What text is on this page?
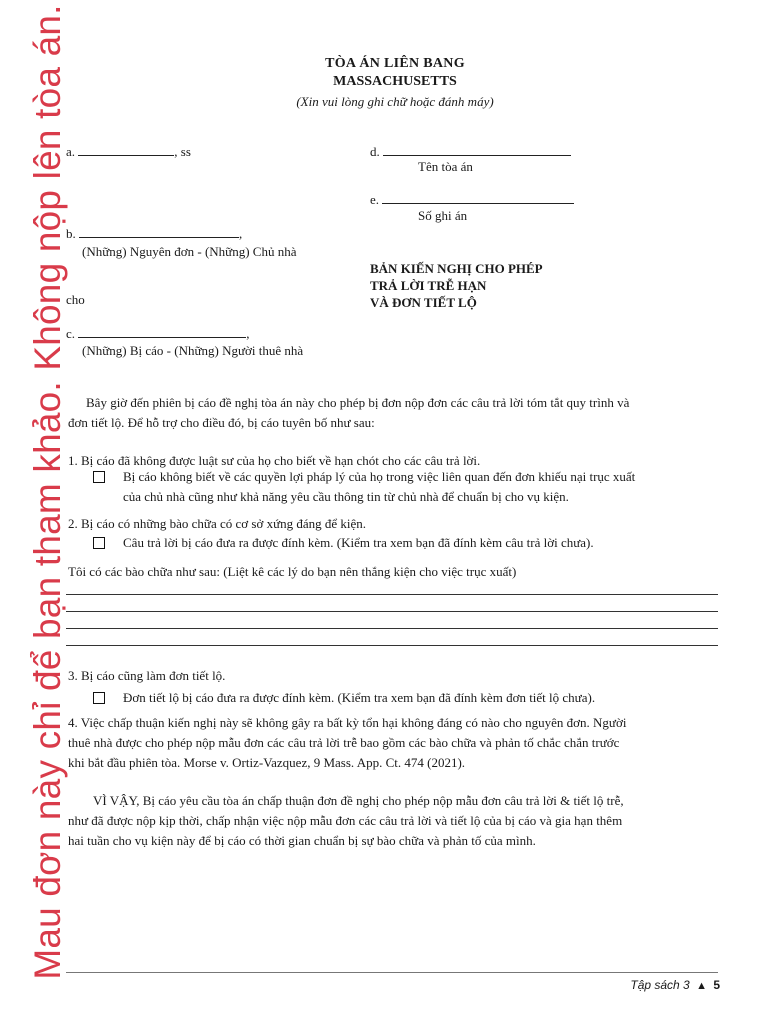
Mau đơn này chỉ để bạn tham khảo. Không nộp lên tòa án.	TÒA ÁN LIÊN BANG
MASSACHUSETTS
(Xin vui lòng ghi chữ hoặc đánh máy)
a.	, ss
b.	,
(Những) Nguyên đơn - (Những) Chủ nhà
cho
c.	,
(Những) Bị cáo - (Những) Người thuê nhà
d.
Tên tòa án
e.
Số ghi án
BẢN KIẾN NGHỊ CHO PHÉP
TRẢ LỜI TRỄ HẠN
VÀ ĐƠN TIẾT LỘ
Bây giờ đến phiên bị cáo đề nghị tòa án này cho phép bị đơn nộp đơn các câu trả lời tóm tắt quy trình và
đơn tiết lộ. Để hỗ trợ cho điều đó, bị cáo tuyên bố như sau:
1. Bị cáo đã không được luật sư của họ cho biết về hạn chót cho các câu trả lời.
Bị cáo không biết về các quyền lợi pháp lý của họ trong việc liên quan đến đơn khiếu nại trục xuất
của chủ nhà cũng như khả năng yêu cầu thông tin từ chủ nhà để chuẩn bị cho vụ kiện.
2. Bị cáo có những bào chữa có cơ sở xứng đáng để kiện.
Câu trả lời bị cáo đưa ra được đính kèm. (Kiểm tra xem bạn đã đính kèm câu trả lời chưa).
Tôi có các bào chữa như sau: (Liệt kê các lý do bạn nên thắng kiện cho việc trục xuất)
3. Bị cáo cũng làm đơn tiết lộ.
Đơn tiết lộ bị cáo đưa ra được đính kèm. (Kiểm tra xem bạn đã đính kèm đơn tiết lộ chưa).
4. Việc chấp thuận kiến nghị này sẽ không gây ra bất kỳ tổn hại không đáng có nào cho nguyên đơn. Người
thuê nhà được cho phép nộp mẫu đơn các câu trả lời trễ bao gồm các bào chữa và phản tố chắc chắn trước
khi bắt đầu phiên tòa. Morse v. Ortiz-Vazquez, 9 Mass. App. Ct. 474 (2021).
VÌ VẬY, Bị cáo yêu cầu tòa án chấp thuận đơn đề nghị cho phép nộp mẫu đơn câu trả lời & tiết lộ trễ,
như đã được nộp kịp thời, chấp nhận việc nộp mẫu đơn các câu trả lời và tiết lộ của bị cáo và gia hạn thêm
hai tuần cho vụ kiện này để bị cáo có thời gian chuẩn bị sự bào chữa và phản tố của mình.
Tập sách 3 ▲ 5
